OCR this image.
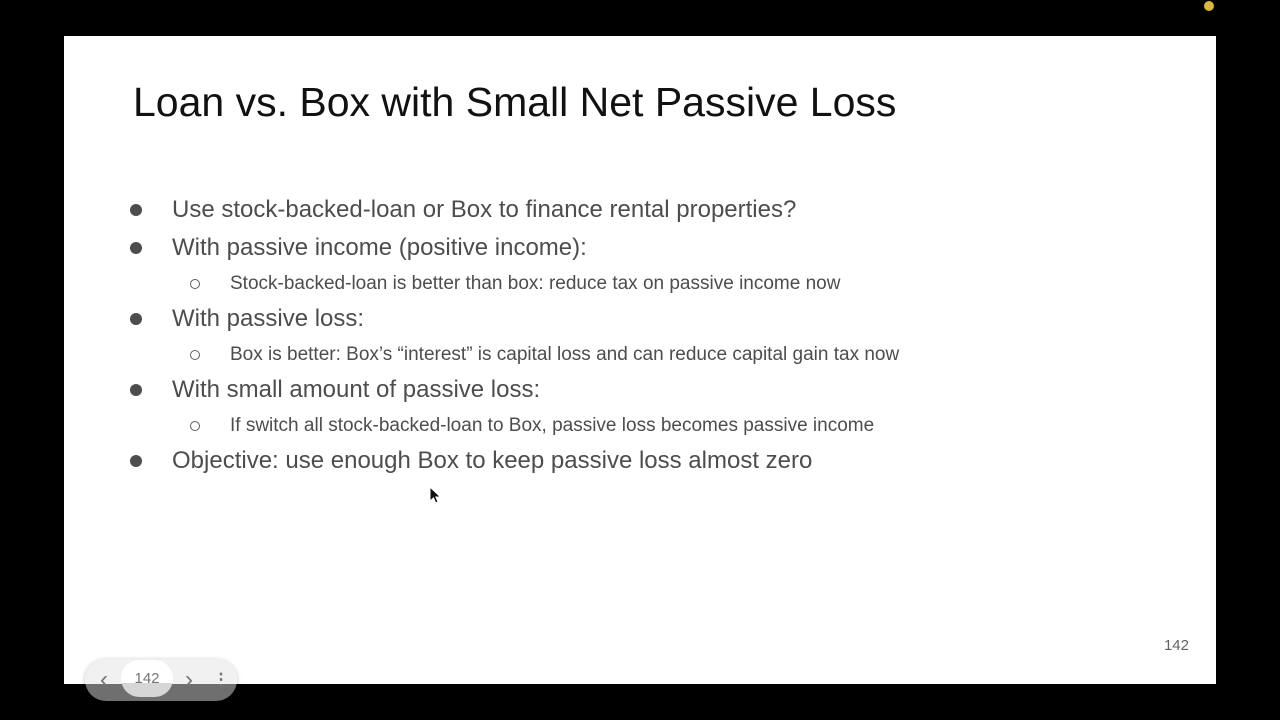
Loan vs. Box with Small Net Passive Loss
Use stock-backed-loan or Box to finance rental properties?
With passive income (positive income):
Stock-backed-loan is better than box: reduce tax on passive income now
With passive loss:
Box is better: Box’s “interest” is capital loss and can reduce capital gain tax now
With small amount of passive loss:
If switch all stock-backed-loan to Box, passive loss becomes passive income
Objective: use enough Box to keep passive loss almost zero
142
‹	142 ›	⋮
